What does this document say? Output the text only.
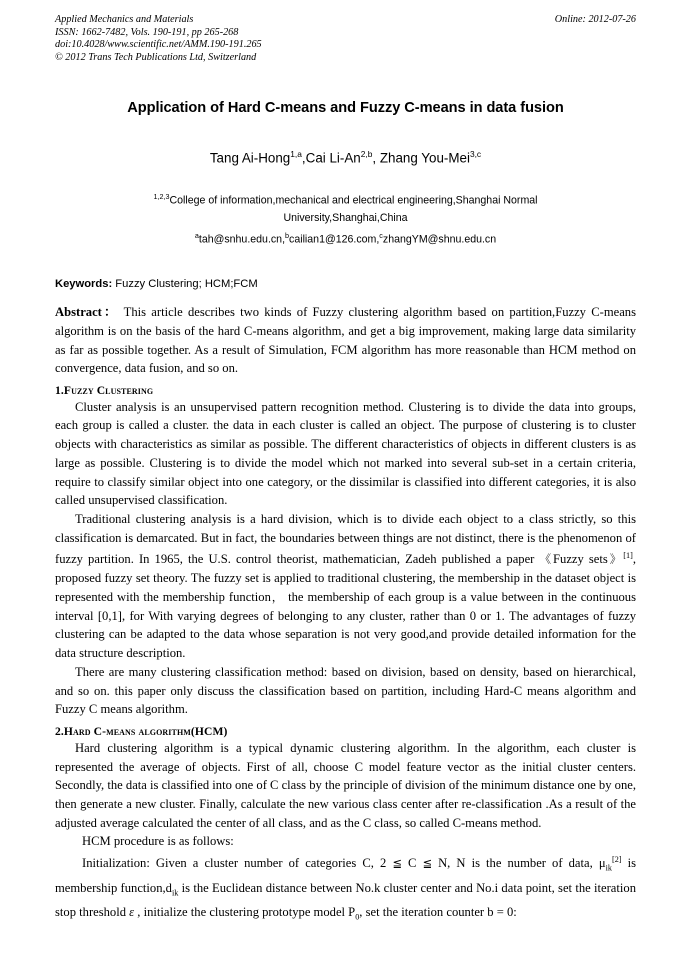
Applied Mechanics and Materials
ISSN: 1662-7482, Vols. 190-191, pp 265-268
doi:10.4028/www.scientific.net/AMM.190-191.265
© 2012 Trans Tech Publications Ltd, Switzerland
Online: 2012-07-26
Application of Hard C-means and Fuzzy C-means in data fusion
Tang Ai-Hong$^{1,a}$,Cai Li-An$^{2,b}$, Zhang You-Mei$^{3,c}$
$^{1,2,3}$College of information,mechanical and electrical engineering,Shanghai Normal
University,Shanghai,China
$^a$tah@snhu.edu.cn,$^b$cailian1@126.com,$^c$zhangYM@shnu.edu.cn
Keywords: Fuzzy Clustering; HCM;FCM
Abstract： This article describes two kinds of Fuzzy clustering algorithm based on partition,Fuzzy C-means algorithm is on the basis of the hard C-means algorithm, and get a big improvement, making large data similarity as far as possible together. As a result of Simulation, FCM algorithm has more reasonable than HCM method on convergence, data fusion, and so on.
1.Fuzzy Clustering

Cluster analysis is an unsupervised pattern recognition method. Clustering is to divide the data into groups, each group is called a cluster. the data in each cluster is called an object. The purpose of clustering is to cluster objects with characteristics as similar as possible. The different characteristics of objects in different clusters is as large as possible. Clustering is to divide the model which not marked into several sub-set in a certain criteria, require to classify similar object into one category, or the dissimilar is classified into different categories, it is also called unsupervised classification.

Traditional clustering analysis is a hard division, which is to divide each object to a class strictly, so this classification is demarcated. But in fact, the boundaries between things are not distinct, there is the phenomenon of fuzzy partition. In 1965, the U.S. control theorist, mathematician, Zadeh published a paper 《Fuzzy sets》[1], proposed fuzzy set theory. The fuzzy set is applied to traditional clustering, the membership in the dataset object is represented with the membership function， the membership of each group is a value between in the continuous interval [0,1], for With varying degrees of belonging to any cluster, rather than 0 or 1. The advantages of fuzzy clustering can be adapted to the data whose separation is not very good,and provide detailed information for the data structure description.

There are many clustering classification method: based on division, based on density, based on hierarchical, and so on. this paper only discuss the classification based on partition, including Hard-C means algorithm and Fuzzy C means algorithm.

2.Hard C-means algorithm(HCM)

Hard clustering algorithm is a typical dynamic clustering algorithm. In the algorithm, each cluster is represented the average of objects. First of all, choose C model feature vector as the initial cluster centers. Secondly, the data is classified into one of C class by the principle of division of the minimum distance one by one, then generate a new cluster. Finally, calculate the new various class center after re-classification .As a result of the adjusted average calculated the center of all class, and as the C class, so called C-means method.

HCM procedure is as follows:

Initialization: Given a cluster number of categories C, 2 ≦ C ≦ N, N is the number of data, $\mu_{ik}[2]$ is membership $function,d_{ik}$ is the Euclidean distance between No.k cluster center and No.i data point, set the iteration stop threshold ε , initialize the clustering prototype model $P_0$, set the iteration counter b = 0:
